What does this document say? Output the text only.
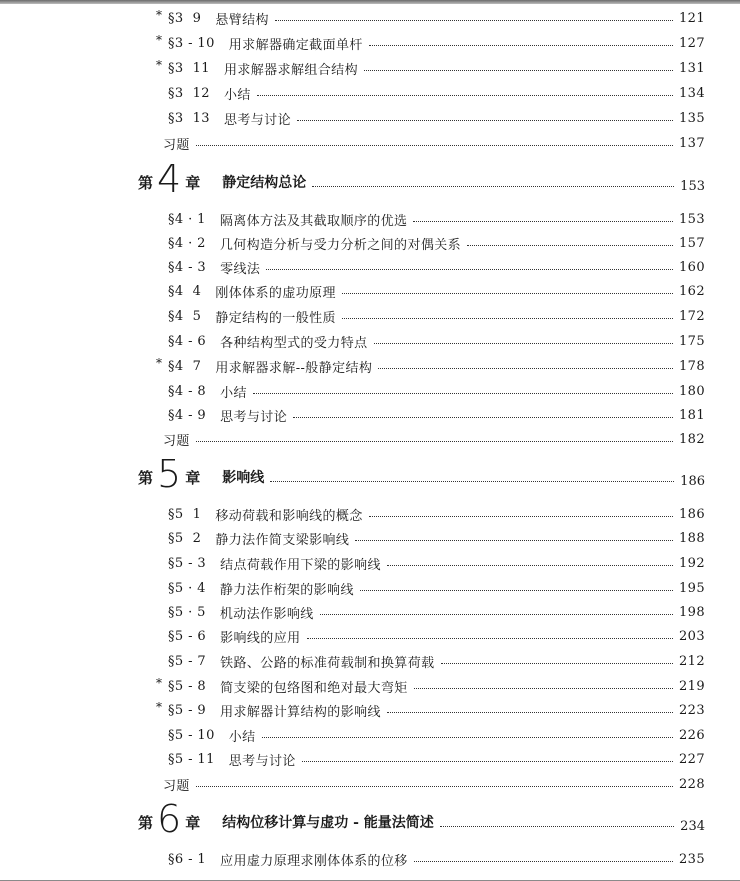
* §3  9 悬臂结构	121
* §3 - 10 用求解器确定截面单杆	127
* §3  11 用求解器求解组合结构	131
§3  12 小结	134
§3  13 思考与讨论	135
习题	137
第 4 章 静定结构总论	153
§4 · 1 隔离体方法及其截取顺序的优选	153
§4 · 2 几何构造分析与受力分析之间的对偶关系	157
§4 - 3 零线法	160
§4  4 刚体体系的虚功原理	162
§4  5 静定结构的一般性质	172
§4 - 6 各种结构型式的受力特点	175
* §4  7 用求解器求解--般静定结构	178
§4 - 8 小结	180
§4 - 9 思考与讨论	181
习题	182
第 5 章 影响线	186
§5  1 移动荷载和影响线的概念	186
§5  2 静力法作简支梁影响线	188
§5 - 3 结点荷载作用下梁的影响线	192
§5 · 4 静力法作桁架的影响线	195
§5 · 5 机动法作影响线	198
§5 - 6 影响线的应用	203
§5 - 7 铁路、公路的标准荷载制和换算荷载	212
* §5 - 8 简支梁的包络图和绝对最大弯矩	219
* §5 - 9 用求解器计算结构的影响线	223
§5 - 10 小结	226
§5 - 11 思考与讨论	227
习题	228
第 6 章 结构位移计算与虚功 - 能量法简述	234
§6 - 1 应用虚力原理求刚体体系的位移	235
